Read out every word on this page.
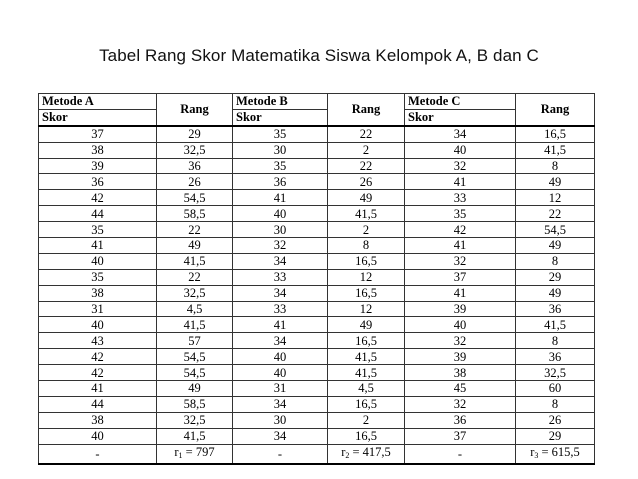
Tabel Rang Skor Matematika Siswa Kelompok A, B dan C
Metode A	Rang	Metode B	Rang	Metode C	Rang
Skor		Skor		Skor	
37	29	35	22	34	16,5
38	32,5	30	2	40	41,5
39	36	35	22	32	8
36	26	36	26	41	49
42	54,5	41	49	33	12
44	58,5	40	41,5	35	22
35	22	30	2	42	54,5
41	49	32	8	41	49
40	41,5	34	16,5	32	8
35	22	33	12	37	29
38	32,5	34	16,5	41	49
31	4,5	33	12	39	36
40	41,5	41	49	40	41,5
43	57	34	16,5	32	8
42	54,5	40	41,5	39	36
42	54,5	40	41,5	38	32,5
41	49	31	4,5	45	60
44	58,5	34	16,5	32	8
38	32,5	30	2	36	26
40	41,5	34	16,5	37	29
-	$r_1 = 797$	-	$r_2 = 417,5$	-	$r_3 = 615,5$
